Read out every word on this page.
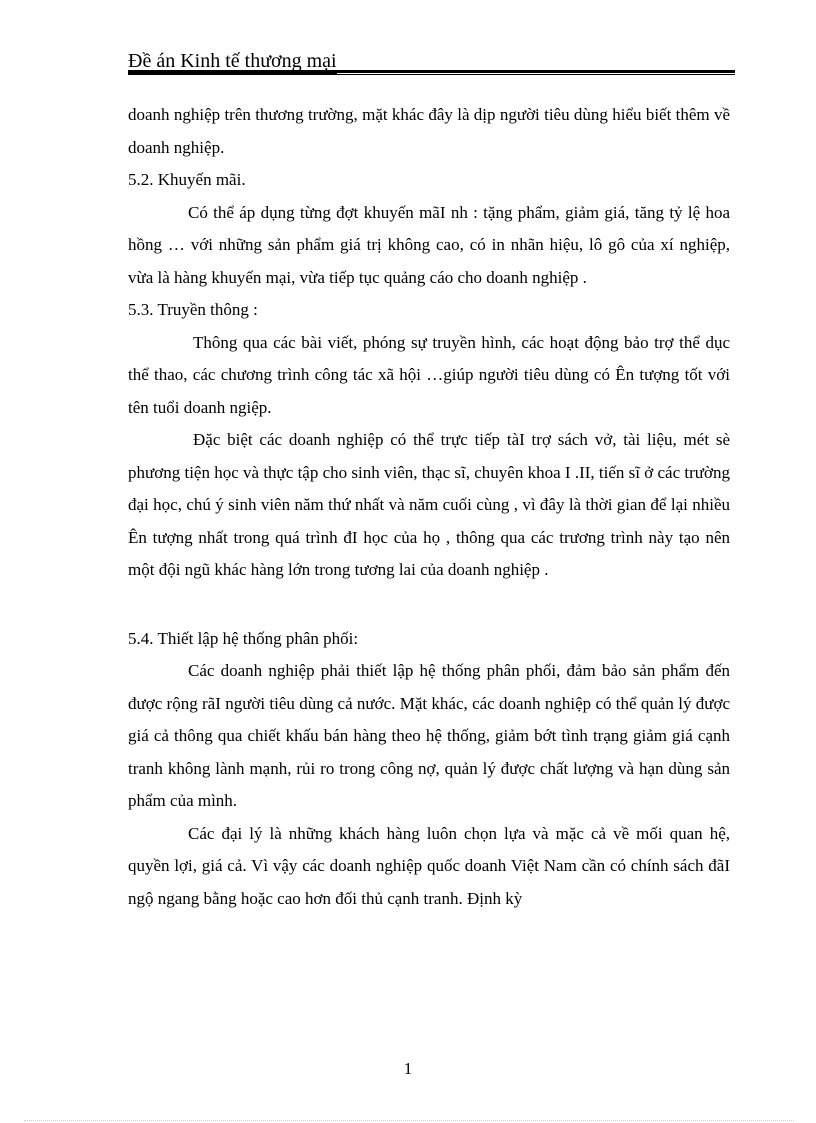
Đề án Kinh tế thương mại

doanh nghiệp trên thương trường, mặt khác đây là dịp người tiêu dùng hiểu biết thêm về doanh nghiệp.

5.2. Khuyến mãi.

Có thể áp dụng từng đợt khuyến mãI nh : tặng phẩm, giảm giá, tăng tỷ lệ hoa hồng … với những sản phẩm giá trị không cao, có in nhãn hiệu, lô gô của xí nghiệp, vừa là hàng khuyến mại, vừa tiếp tục quảng cáo cho doanh nghiệp .

5.3. Truyền thông :

Thông qua các bài viết, phóng sự truyền hình, các hoạt động bảo trợ thể dục thể thao, các chương trình công tác xã hội …giúp người tiêu dùng có Ên tượng tốt với tên tuổi doanh ngiệp.

Đặc biệt các doanh nghiệp có thể trực tiếp tàI trợ sách vở, tài liệu, mét sè phương tiện học và thực tập cho sinh viên, thạc sĩ, chuyên khoa I .II, tiến sĩ ở các trường đại học, chú ý sinh viên năm thứ nhất và năm cuối cùng , vì đây là thời gian để lại nhiều Ên tượng nhất trong quá trình đI học của họ , thông qua các trương trình này tạo nên một đội ngũ khác hàng lớn trong tương lai của doanh nghiệp .

5.4. Thiết lập hệ thống phân phối:

Các doanh nghiệp phải thiết lập hệ thống phân phối, đảm bảo sản phẩm đến được rộng rãI người tiêu dùng cả nước. Mặt khác, các doanh nghiệp có thể quản lý được giá cả thông qua chiết khấu bán hàng theo hệ thống, giảm bớt tình trạng giảm giá cạnh tranh không lành mạnh, rủi ro trong công nợ, quản lý được chất lượng và hạn dùng sản phẩm của mình.

Các đại lý là những khách hàng luôn chọn lựa và mặc cả về mối quan hệ, quyền lợi, giá cả. Vì vậy các doanh nghiệp quốc doanh Việt Nam cần có chính sách đãI ngộ ngang bằng hoặc cao hơn đối thủ cạnh tranh. Định kỳ

1
